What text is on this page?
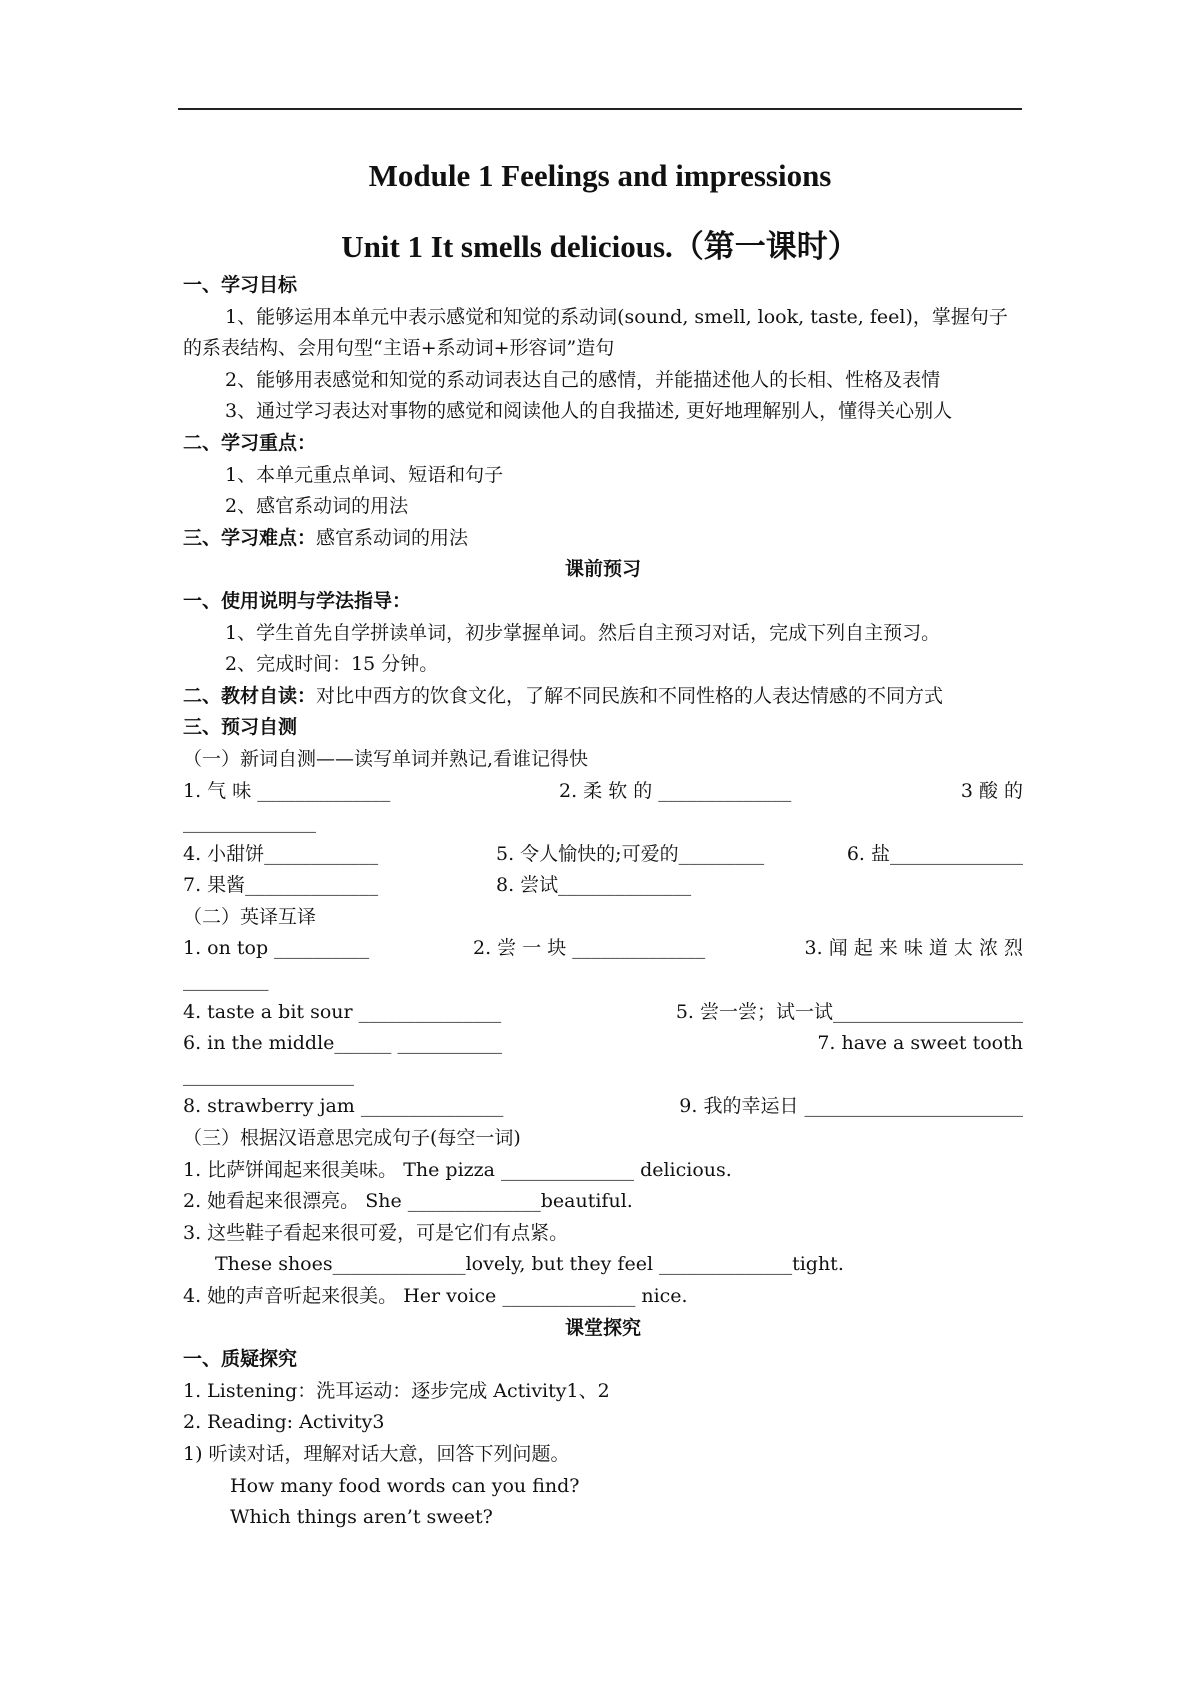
Module 1 Feelings and impressions
Unit 1 It smells delicious.（第一课时）
一、学习目标
1、能够运用本单元中表示感觉和知觉的系动词(sound, smell, look, taste, feel)，掌握句子
的系表结构、会用句型“主语+系动词+形容词”造句
2、能够用表感觉和知觉的系动词表达自己的感情，并能描述他人的长相、性格及表情
3、通过学习表达对事物的感觉和阅读他人的自我描述, 更好地理解别人，懂得关心别人
二、学习重点：
1、本单元重点单词、短语和句子
2、感官系动词的用法
三、学习难点：感官系动词的用法
课前预习
一、使用说明与学法指导：
1、学生首先自学拼读单词，初步掌握单词。然后自主预习对话，完成下列自主预习。
2、完成时间：15 分钟。
二、教材自读：对比中西方的饮食文化，了解不同民族和不同性格的人表达情感的不同方式
三、预习自测
（一）新词自测——读写单词并熟记,看谁记得快
1. 气 味 ______________	2. 柔 软 的 ______________	3 酸 的
______________
4. 小甜饼____________	5. 令人愉快的;可爱的_________	6. 盐______________
7. 果酱______________	8. 尝试______________
（二）英译互译
1. on top __________	2. 尝 一 块 ______________	3. 闻 起 来 味 道 太 浓 烈
_________
4. taste a bit sour _______________	5. 尝一尝；试一试____________________
6. in the middle______ ___________	7. have a sweet tooth
__________________
8. strawberry jam _______________	9. 我的幸运日 _______________________
（三）根据汉语意思完成句子(每空一词)
1. 比萨饼闻起来很美味。 The pizza ______________ delicious.
2. 她看起来很漂亮。 She ______________beautiful.
3. 这些鞋子看起来很可爱，可是它们有点紧。
These shoes______________lovely, but they feel ______________tight.
4. 她的声音听起来很美。 Her voice ______________ nice.
课堂探究
一、质疑探究
1. Listening：洗耳运动：逐步完成 Activity1、2
2. Reading: Activity3
1) 听读对话，理解对话大意，回答下列问题。
How many food words can you find?
Which things aren’t sweet?
